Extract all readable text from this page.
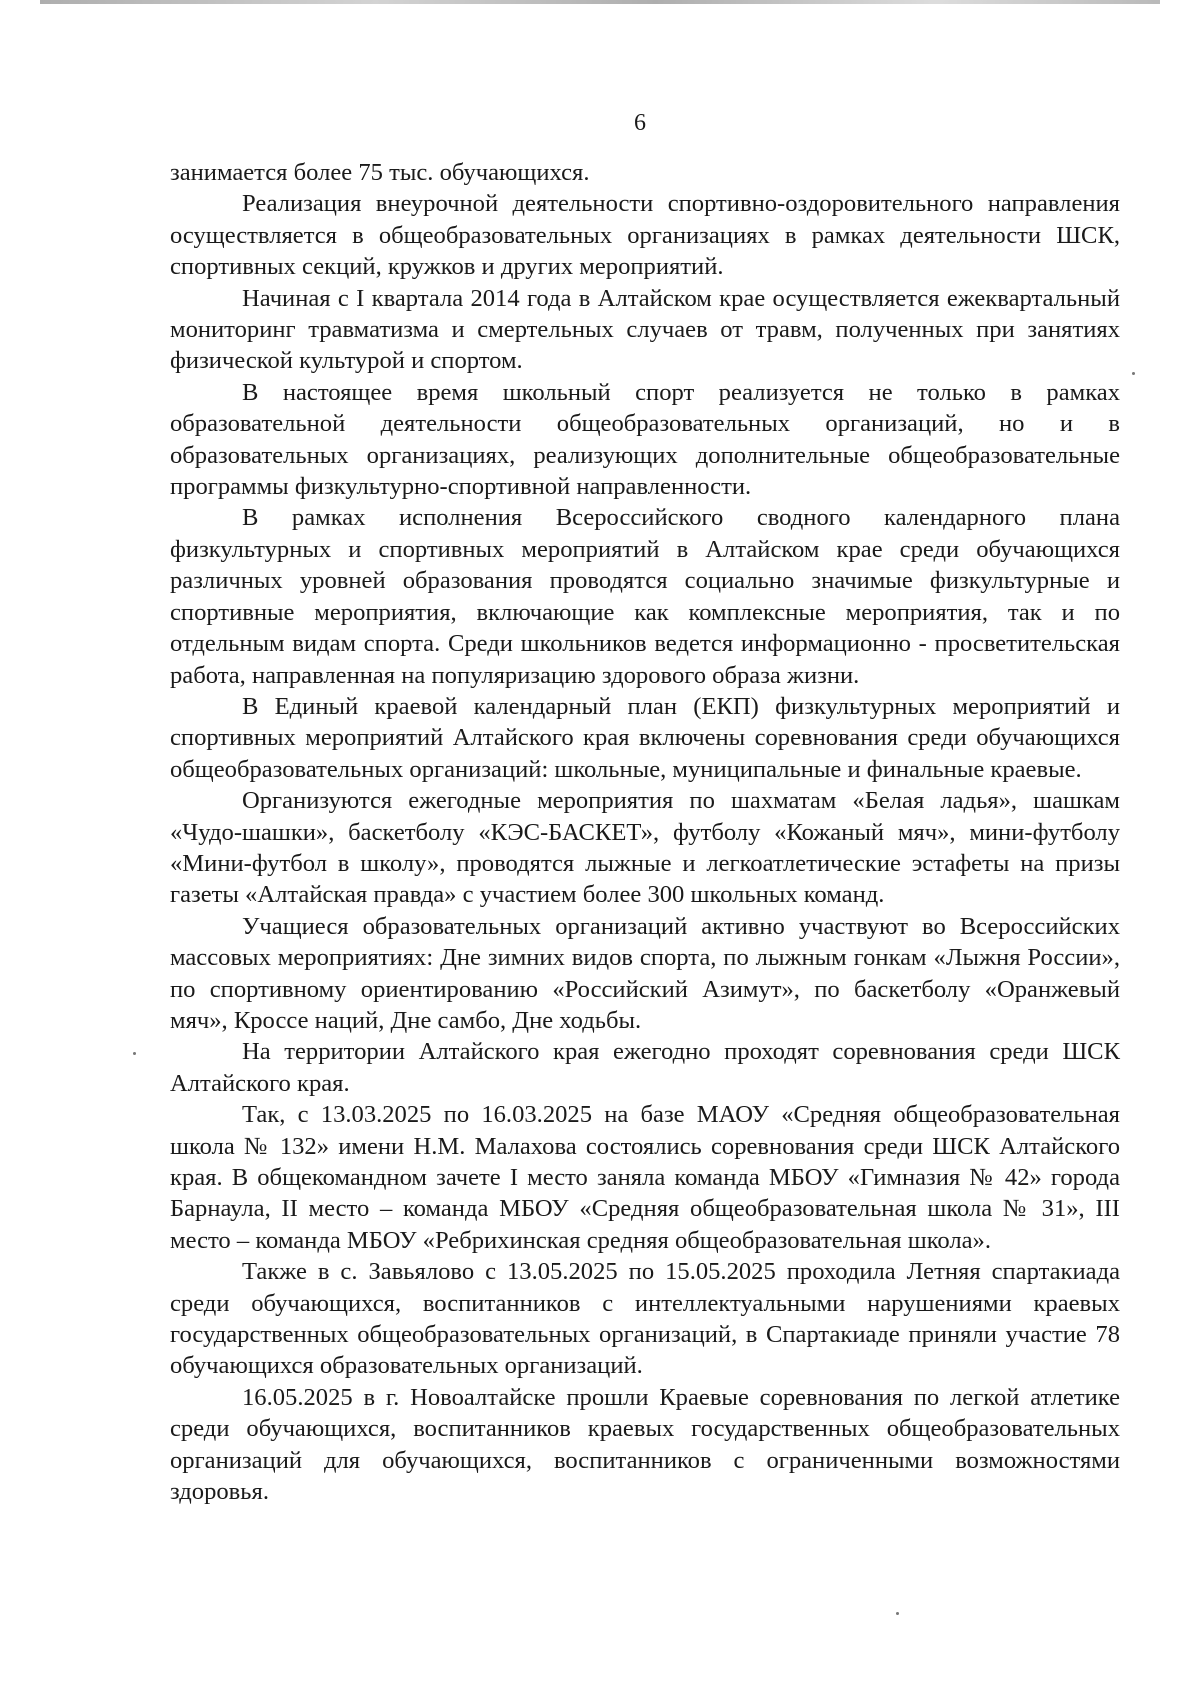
6

занимается более 75 тыс. обучающихся.

Реализация внеурочной деятельности спортивно-оздоровительного направления осуществляется в общеобразовательных организациях в рамках деятельности ШСК, спортивных секций, кружков и других мероприятий.

Начиная с I квартала 2014 года в Алтайском крае осуществляется ежеквартальный мониторинг травматизма и смертельных случаев от травм, полученных при занятиях физической культурой и спортом.

В настоящее время школьный спорт реализуется не только в рамках образовательной деятельности общеобразовательных организаций, но и в образовательных организациях, реализующих дополнительные общеобразовательные программы физкультурно-спортивной направленности.

В рамках исполнения Всероссийского сводного календарного плана физкультурных и спортивных мероприятий в Алтайском крае среди обучающихся различных уровней образования проводятся социально значимые физкультурные и спортивные мероприятия, включающие как комплексные мероприятия, так и по отдельным видам спорта. Среди школьников ведется информационно - просветительская работа, направленная на популяризацию здорового образа жизни.

В Единый краевой календарный план (ЕКП) физкультурных мероприятий и спортивных мероприятий Алтайского края включены соревнования среди обучающихся общеобразовательных организаций: школьные, муниципальные и финальные краевые.

Организуются ежегодные мероприятия по шахматам «Белая ладья», шашкам «Чудо-шашки», баскетболу «КЭС-БАСКЕТ», футболу «Кожаный мяч», мини-футболу «Мини-футбол в школу», проводятся лыжные и легкоатлетические эстафеты на призы газеты «Алтайская правда» с участием более 300 школьных команд.

Учащиеся образовательных организаций активно участвуют во Всероссийских массовых мероприятиях: Дне зимних видов спорта, по лыжным гонкам «Лыжня России», по спортивному ориентированию «Российский Азимут», по баскетболу «Оранжевый мяч», Кроссе наций, Дне самбо, Дне ходьбы.

На территории Алтайского края ежегодно проходят соревнования среди ШСК Алтайского края.

Так, с 13.03.2025 по 16.03.2025 на базе МАОУ «Средняя общеобразовательная школа № 132» имени Н.М. Малахова состоялись соревнования среди ШСК Алтайского края. В общекомандном зачете I место заняла команда МБОУ «Гимназия № 42» города Барнаула, II место – команда МБОУ «Средняя общеобразовательная школа № 31», III место – команда МБОУ «Ребрихинская средняя общеобразовательная школа».

Также в с. Завьялово с 13.05.2025 по 15.05.2025 проходила Летняя спартакиада среди обучающихся, воспитанников с интеллектуальными нарушениями краевых государственных общеобразовательных организаций, в Спартакиаде приняли участие 78 обучающихся образовательных организаций.

16.05.2025 в г. Новоалтайске прошли Краевые соревнования по легкой атлетике среди обучающихся, воспитанников краевых государственных общеобразовательных организаций для обучающихся, воспитанников с ограниченными возможностями здоровья.
